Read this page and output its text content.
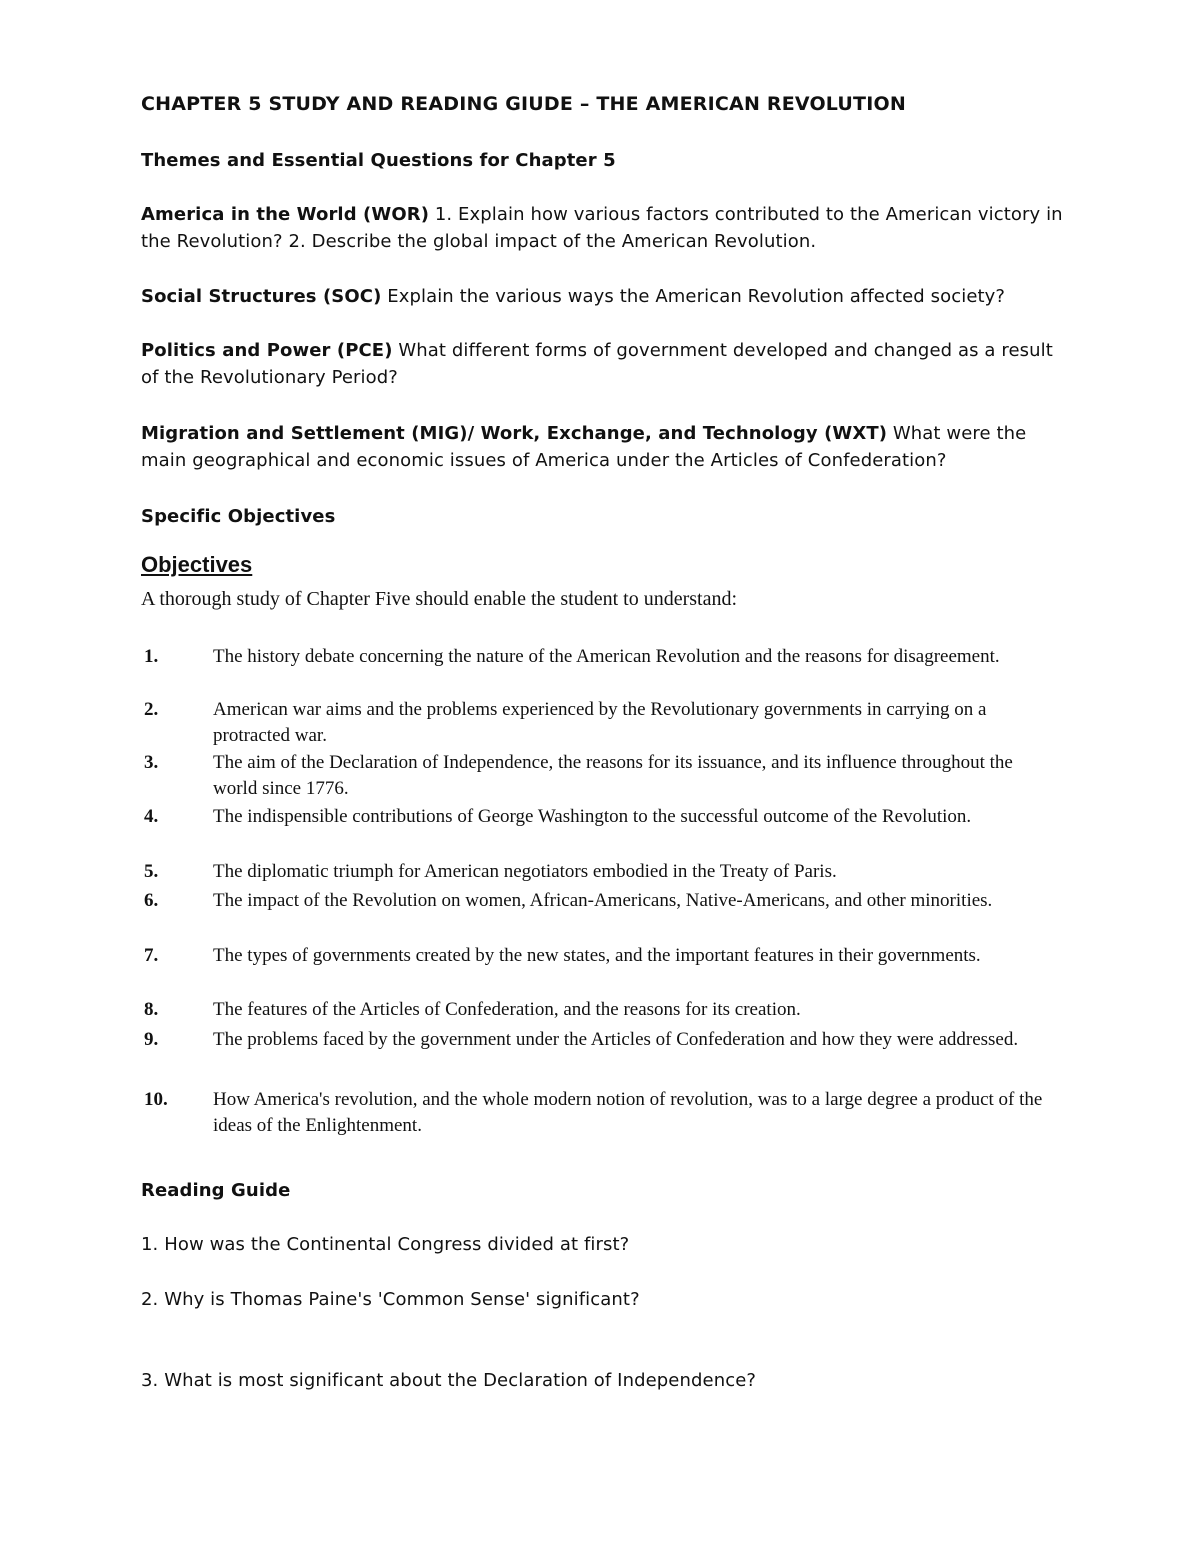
CHAPTER 5 STUDY AND READING GIUDE – THE AMERICAN REVOLUTION
Themes and Essential Questions for Chapter 5
America in the World (WOR) 1. Explain how various factors contributed to the American victory in the Revolution? 2. Describe the global impact of the American Revolution.
Social Structures (SOC) Explain the various ways the American Revolution affected society?
Politics and Power (PCE) What different forms of government developed and changed as a result of the Revolutionary Period?
Migration and Settlement (MIG)/ Work, Exchange, and Technology (WXT) What were the main geographical and economic issues of America under the Articles of Confederation?
Specific Objectives
Objectives
A thorough study of Chapter Five should enable the student to understand:
1.	The history debate concerning the nature of the American Revolution and the reasons for disagreement.
2.	American war aims and the problems experienced by the Revolutionary governments in carrying on a protracted war.
3.	The aim of the Declaration of Independence, the reasons for its issuance, and its influence throughout the world since 1776.
4.	The indispensible contributions of George Washington to the successful outcome of the Revolution.
5.	The diplomatic triumph for American negotiators embodied in the Treaty of Paris.
6.	The impact of the Revolution on women, African-Americans, Native-Americans, and other minorities.
7.	The types of governments created by the new states, and the important features in their governments.
8.	The features of the Articles of Confederation, and the reasons for its creation.
9.	The problems faced by the government under the Articles of Confederation and how they were addressed.
10. How America's revolution, and the whole modern notion of revolution, was to a large degree a product of the ideas of the Enlightenment.
Reading Guide
1. How was the Continental Congress divided at first?
2. Why is Thomas Paine's 'Common Sense' significant?
3. What is most significant about the Declaration of Independence?
